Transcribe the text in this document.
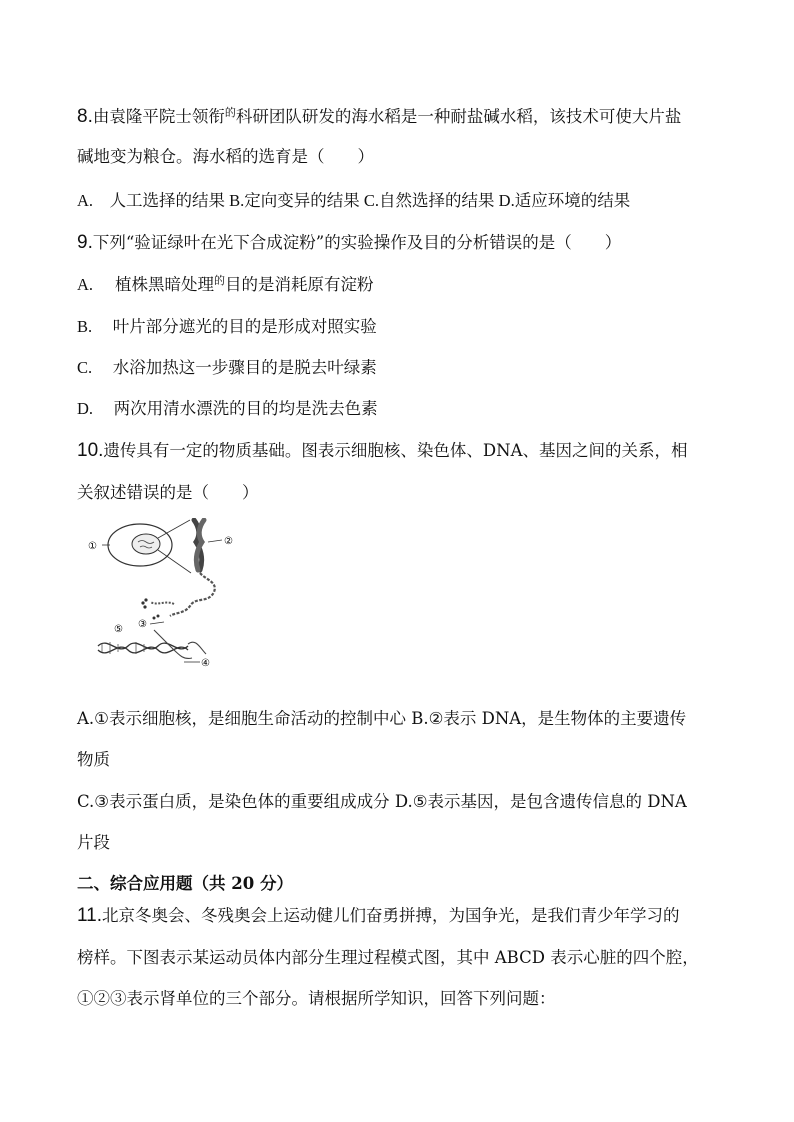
8.由袁隆平院士领衔$^的$科研团队研发的海水稻是一种耐盐碱水稻，该技术可使大片盐
碱地变为粮仓。海水稻的选育是（　　）
A.　人工选择的结果 B.定向变异的结果 C.自然选择的结果 D.适应环境的结果
9.下列“验证绿叶在光下合成淀粉”的实验操作及目的分析错误的是（　　）
A. 植株黑暗处理$^的$目的是消耗原有淀粉
B.　 叶片部分遮光的目的是形成对照实验
C.　 水浴加热这一步骤目的是脱去叶绿素
D.　 两次用清水漂洗的目的均是洗去色素
10.遗传具有一定的物质基础。图表示细胞核、染色体、DNA、基因之间的关系，相
关叙述错误的是（　　）
①	②
③
⑤
④
A.①表示细胞核，是细胞生命活动的控制中心 B.②表示 DNA，是生物体的主要遗传
物质
C.③表示蛋白质，是染色体的重要组成成分 D.⑤表示基因，是包含遗传信息的 DNA
片段
二、综合应用题（共 20 分）
11.北京冬奥会、冬残奥会上运动健儿们奋勇拼搏，为国争光，是我们青少年学习的
榜样。下图表示某运动员体内部分生理过程模式图，其中 ABCD 表示心脏的四个腔，
①②③表示肾单位的三个部分。请根据所学知识，回答下列问题：
